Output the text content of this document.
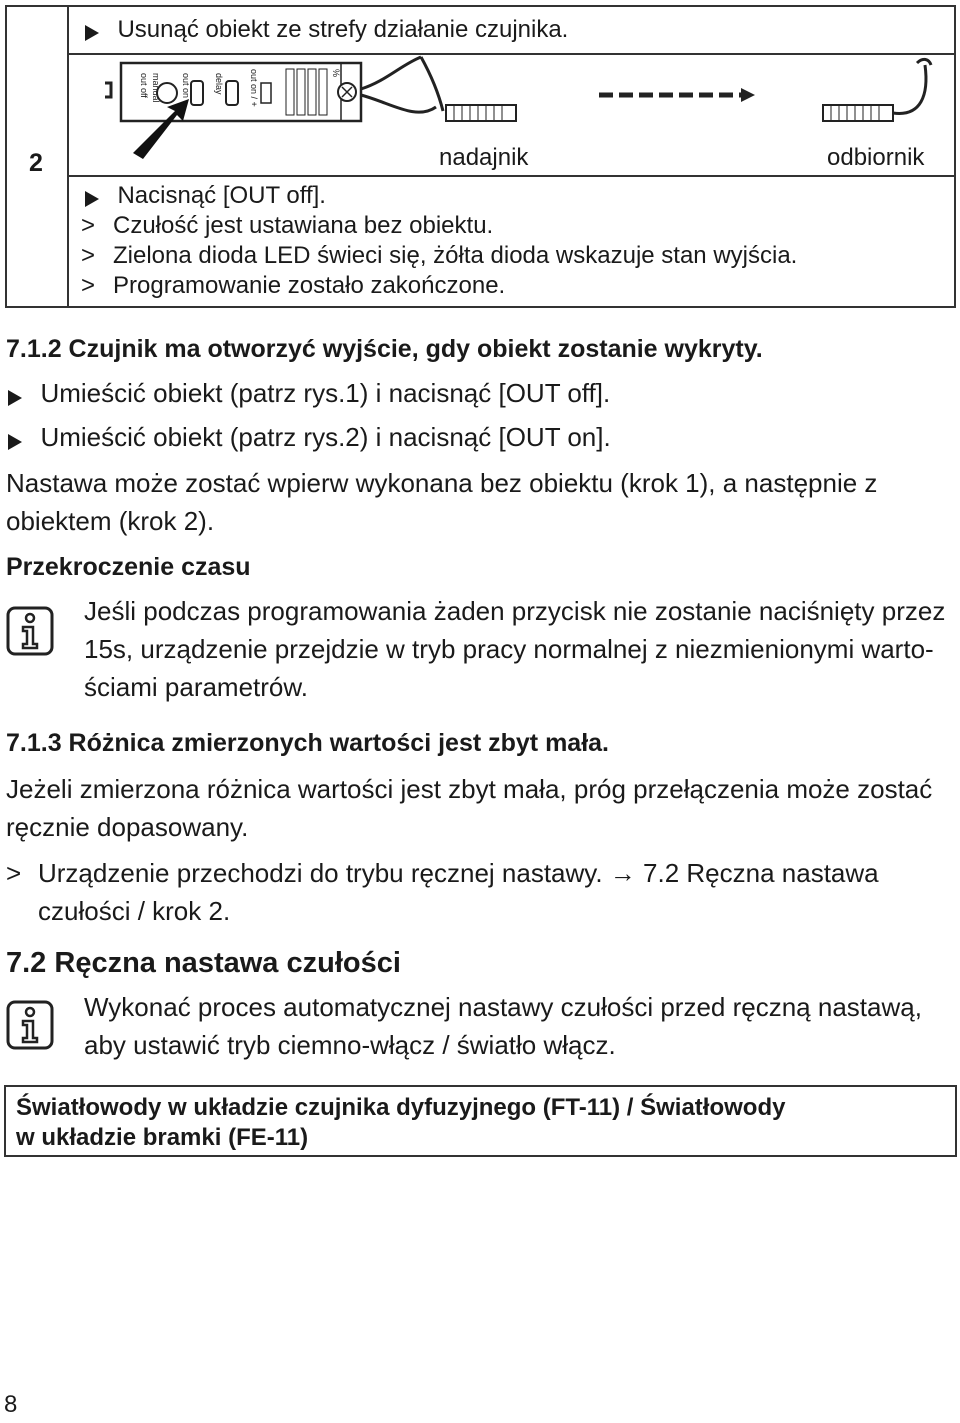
2
Usunąć obiekt ze strefy działanie czujnika.
out off manual out on	delay	out on / +	%
nadajnik	odbiornik
Nacisnąć [OUT off].
> Czułość jest ustawiana bez obiektu.
> Zielona dioda LED świeci się, żółta dioda wskazuje stan wyjścia.
> Programowanie zostało zakończone.
7.1.2 Czujnik ma otworzyć wyjście, gdy obiekt zostanie wykryty.
Umieścić obiekt (patrz rys.1) i nacisnąć [OUT off].
Umieścić obiekt (patrz rys.2) i nacisnąć [OUT on].
Nastawa może zostać wpierw wykonana bez obiektu (krok 1), a następnie z
obiektem (krok 2).
Przekroczenie czasu
Jeśli podczas programowania żaden przycisk nie zostanie naciśnięty przez
15s, urządzenie przejdzie w tryb pracy normalnej z niezmienionymi warto-
ściami parametrów.
7.1.3 Różnica zmierzonych wartości jest zbyt mała.
Jeżeli zmierzona różnica wartości jest zbyt mała, próg przełączenia może zostać
ręcznie dopasowany.
> Urządzenie przechodzi do trybu ręcznej nastawy. → 7.2 Ręczna nastawa
czułości / krok 2.
7.2 Ręczna nastawa czułości
Wykonać proces automatycznej nastawy czułości przed ręczną nastawą,
aby ustawić tryb ciemno-włącz / światło włącz.
Światłowody w układzie czujnika dyfuzyjnego (FT-11) / Światłowody
w układzie bramki (FE-11)
8
